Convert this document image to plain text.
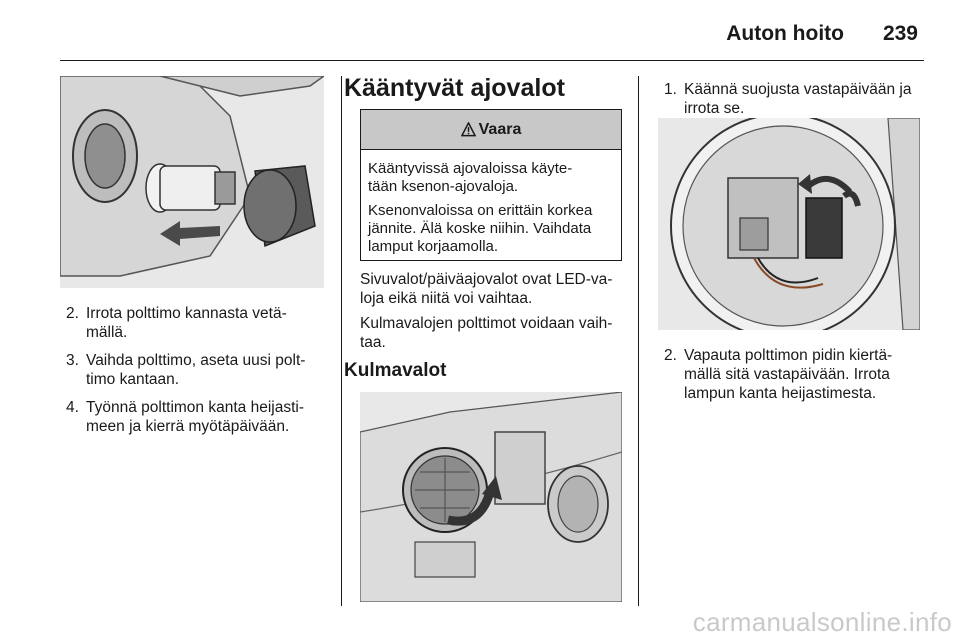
Auton hoito 239
2. Irrota polttimo kannasta vetä-
mällä.
3. Vaihda polttimo, aseta uusi polt-
timo kantaan.
4. Työnnä polttimon kanta heijasti-
meen ja kierrä myötäpäivään.
Kääntyvät ajovalot
Vaara

Kääntyvissä ajovaloissa käyte-
tään ksenon-ajovaloja.

Ksenonvaloissa on erittäin korkea
jännite. Älä koske niihin. Vaihdata
lamput korjaamolla.

Sivuvalot/päiväajovalot ovat LED-va-
loja eikä niitä voi vaihtaa.
Kulmavalojen polttimot voidaan vaih-
taa.
Kulmavalot
1. Käännä suojusta vastapäivään ja
irrota se.
2. Vapauta polttimon pidin kiertä-
mällä sitä vastapäivään. Irrota
lampun kanta heijastimesta.
carmanualsonline.info
